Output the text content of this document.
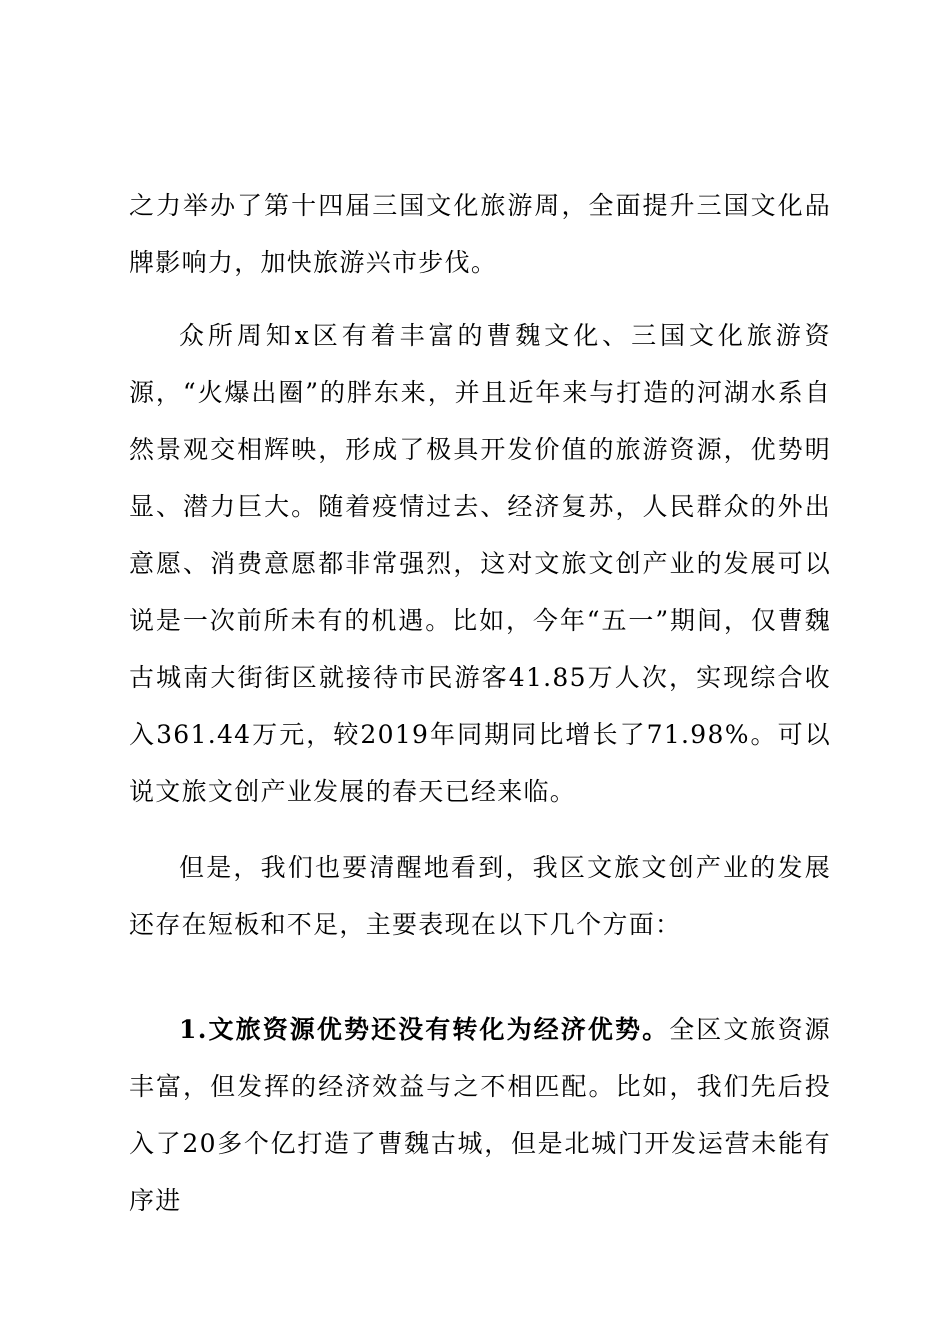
之力举办了第十四届三国文化旅游周，全面提升三国文化品牌影响力，加快旅游兴市步伐。

众所周知x区有着丰富的曹魏文化、三国文化旅游资源，“火爆出圈”的胖东来，并且近年来与打造的河湖水系自然景观交相辉映，形成了极具开发价值的旅游资源，优势明显、潜力巨大。随着疫情过去、经济复苏，人民群众的外出意愿、消费意愿都非常强烈，这对文旅文创产业的发展可以说是一次前所未有的机遇。比如，今年“五一”期间，仅曹魏古城南大街街区就接待市民游客41.85万人次，实现综合收入361.44万元，较2019年同期同比增长了71.98%。可以说文旅文创产业发展的春天已经来临。

但是，我们也要清醒地看到，我区文旅文创产业的发展还存在短板和不足，主要表现在以下几个方面：

1.文旅资源优势还没有转化为经济优势。全区文旅资源丰富，但发挥的经济效益与之不相匹配。比如，我们先后投入了20多个亿打造了曹魏古城，但是北城门开发运营未能有序进
